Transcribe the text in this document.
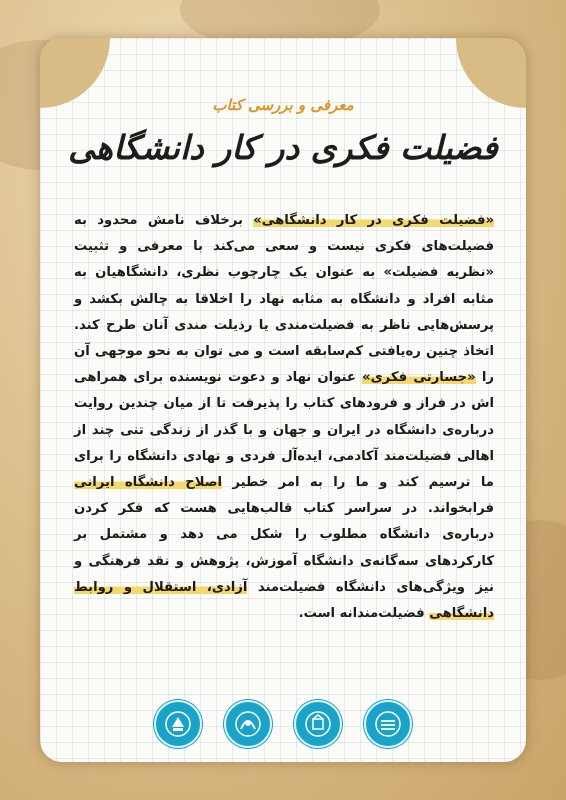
معرفی و بررسی کتاب
فضیلت فکری در کار دانشگاهی
«فضیلت فکری در کار دانشگاهی» برخلاف نامش محدود به فضیلت‌های فکری نیست و سعی می‌کند با معرفی و تثبیت «نظریه فضیلت» به عنوان یک چارچوب نظری، دانشگاهیان به مثابه افراد و دانشگاه به مثابه نهاد را اخلاقا به چالش بکشد و پرسش‌هایی ناظر به فضیلت‌مندی یا رذیلت مندی آنان طرح کند. اتخاذ چنین ره‌یافتی کم‌سابقه است و می توان به نحو موجهی آن را «جسارتی فکری» عنوان نهاد و دعوت نویسنده برای همراهی اش در فراز و فرودهای کتاب را پذیرفت تا از میان چندین روایت درباره‌ی دانشگاه در ایران و جهان و با گذر از زندگی تنی چند از اهالی فضیلت‌مند آکادمی، ایده‌آل فردی و نهادی دانشگاه را برای ما ترسیم کند و ما را به امر خطیر اصلاح دانشگاه ایرانی فرابخواند. در سراسر کتاب قالب‌هایی هست که فکر کردن درباره‌ی دانشگاه مطلوب را شکل می دهد و مشتمل بر کارکردهای سه‌گانه‌ی دانشگاه آموزش، پژوهش و نقد فرهنگی و نیز ویژگی‌های دانشگاه فضیلت‌مند آزادی، استقلال و روابط دانشگاهی فضیلت‌مندانه است.
